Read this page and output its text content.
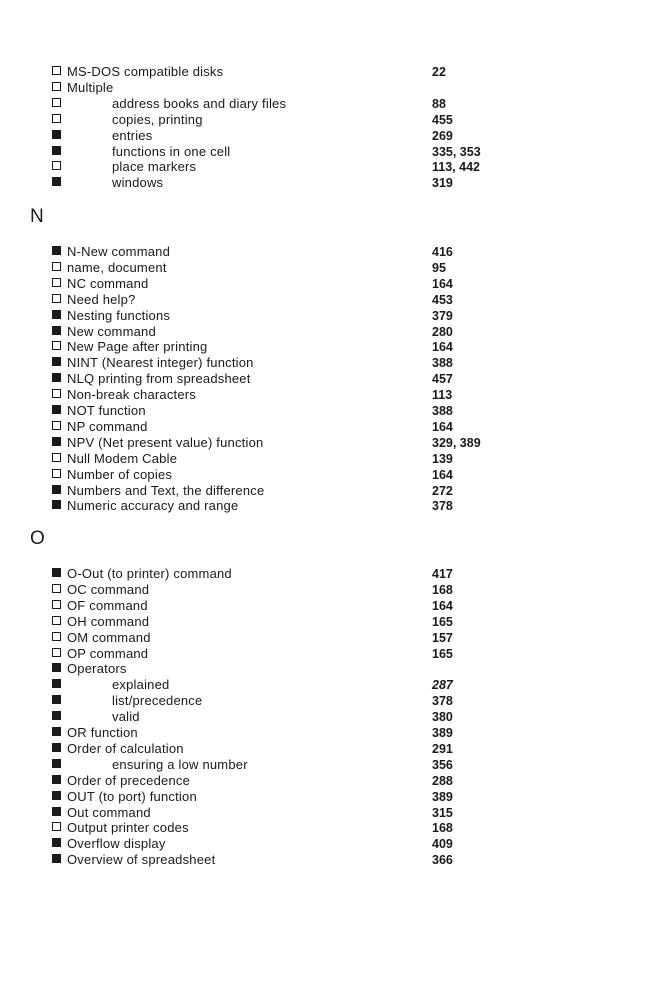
MS-DOS compatible disks	22
Multiple
address books and diary files	88
copies, printing	455
entries	269
functions in one cell	335, 353
place markers	113, 442
windows	319
N
N-New command	416
name, document	95
NC command	164
Need help?	453
Nesting functions	379
New command	280
New Page after printing	164
NINT (Nearest integer) function	388
NLQ printing from spreadsheet	457
Non-break characters	113
NOT function	388
NP command	164
NPV (Net present value) function	329, 389
Null Modem Cable	139
Number of copies	164
Numbers and Text, the difference	272
Numeric accuracy and range	378
O
O-Out (to printer) command	417
OC command	168
OF command	164
OH command	165
OM command	157
OP command	165
Operators
explained	287
list/precedence	378
valid	380
OR function	389
Order of calculation	291
ensuring a low number	356
Order of precedence	288
OUT (to port) function	389
Out command	315
Output printer codes	168
Overflow display	409
Overview of spreadsheet	366
